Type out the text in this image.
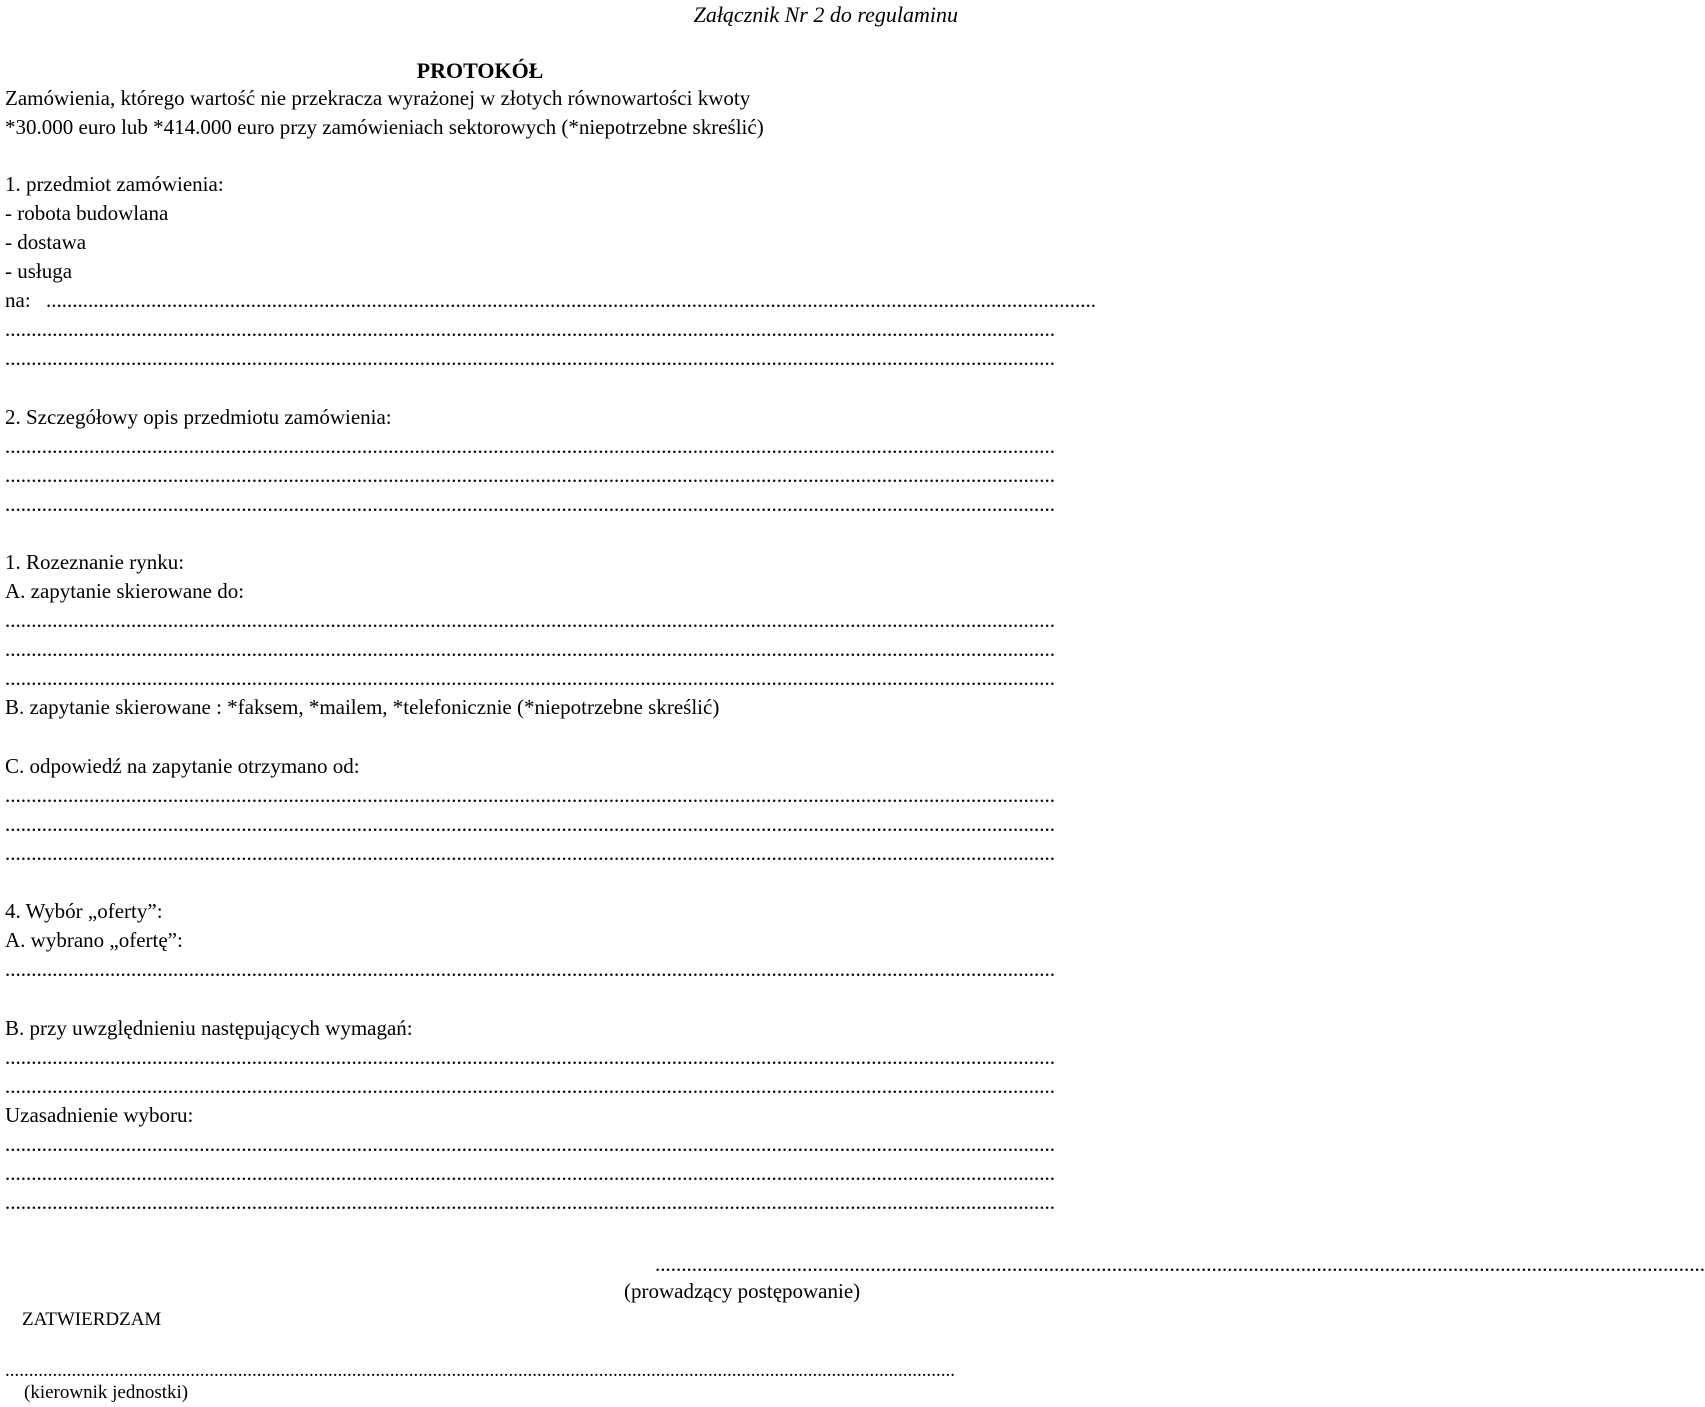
Załącznik Nr 2 do regulaminu
PROTOKÓŁ
Zamówienia, którego wartość nie przekracza wyrażonej w złotych równowartości kwoty
*30.000 euro lub *414.000 euro przy zamówieniach sektorowych (*niepotrzebne skreślić)
1. przedmiot zamówienia:
- robota budowlana
- dostawa
- usługa
na: ........................................................................................................................................................................................................
........................................................................................................................................................................................................
........................................................................................................................................................................................................
2. Szczegółowy opis przedmiotu zamówienia:
........................................................................................................................................................................................................
........................................................................................................................................................................................................
........................................................................................................................................................................................................
1. Rozeznanie rynku:
A. zapytanie skierowane do:
........................................................................................................................................................................................................
........................................................................................................................................................................................................
........................................................................................................................................................................................................
B. zapytanie skierowane : *faksem, *mailem, *telefonicznie (*niepotrzebne skreślić)
C. odpowiedź na zapytanie otrzymano od:
........................................................................................................................................................................................................
........................................................................................................................................................................................................
........................................................................................................................................................................................................
4. Wybór „oferty”:
A. wybrano „ofertę”:
........................................................................................................................................................................................................
B. przy uwzględnieniu następujących wymagań:
........................................................................................................................................................................................................
........................................................................................................................................................................................................
Uzasadnienie wyboru:
........................................................................................................................................................................................................
........................................................................................................................................................................................................
........................................................................................................................................................................................................
........................................................................................................................................................................................................
(prowadzący postępowanie)
ZATWIERDZAM
........................................................................................................................................................................................................
(kierownik jednostki)
